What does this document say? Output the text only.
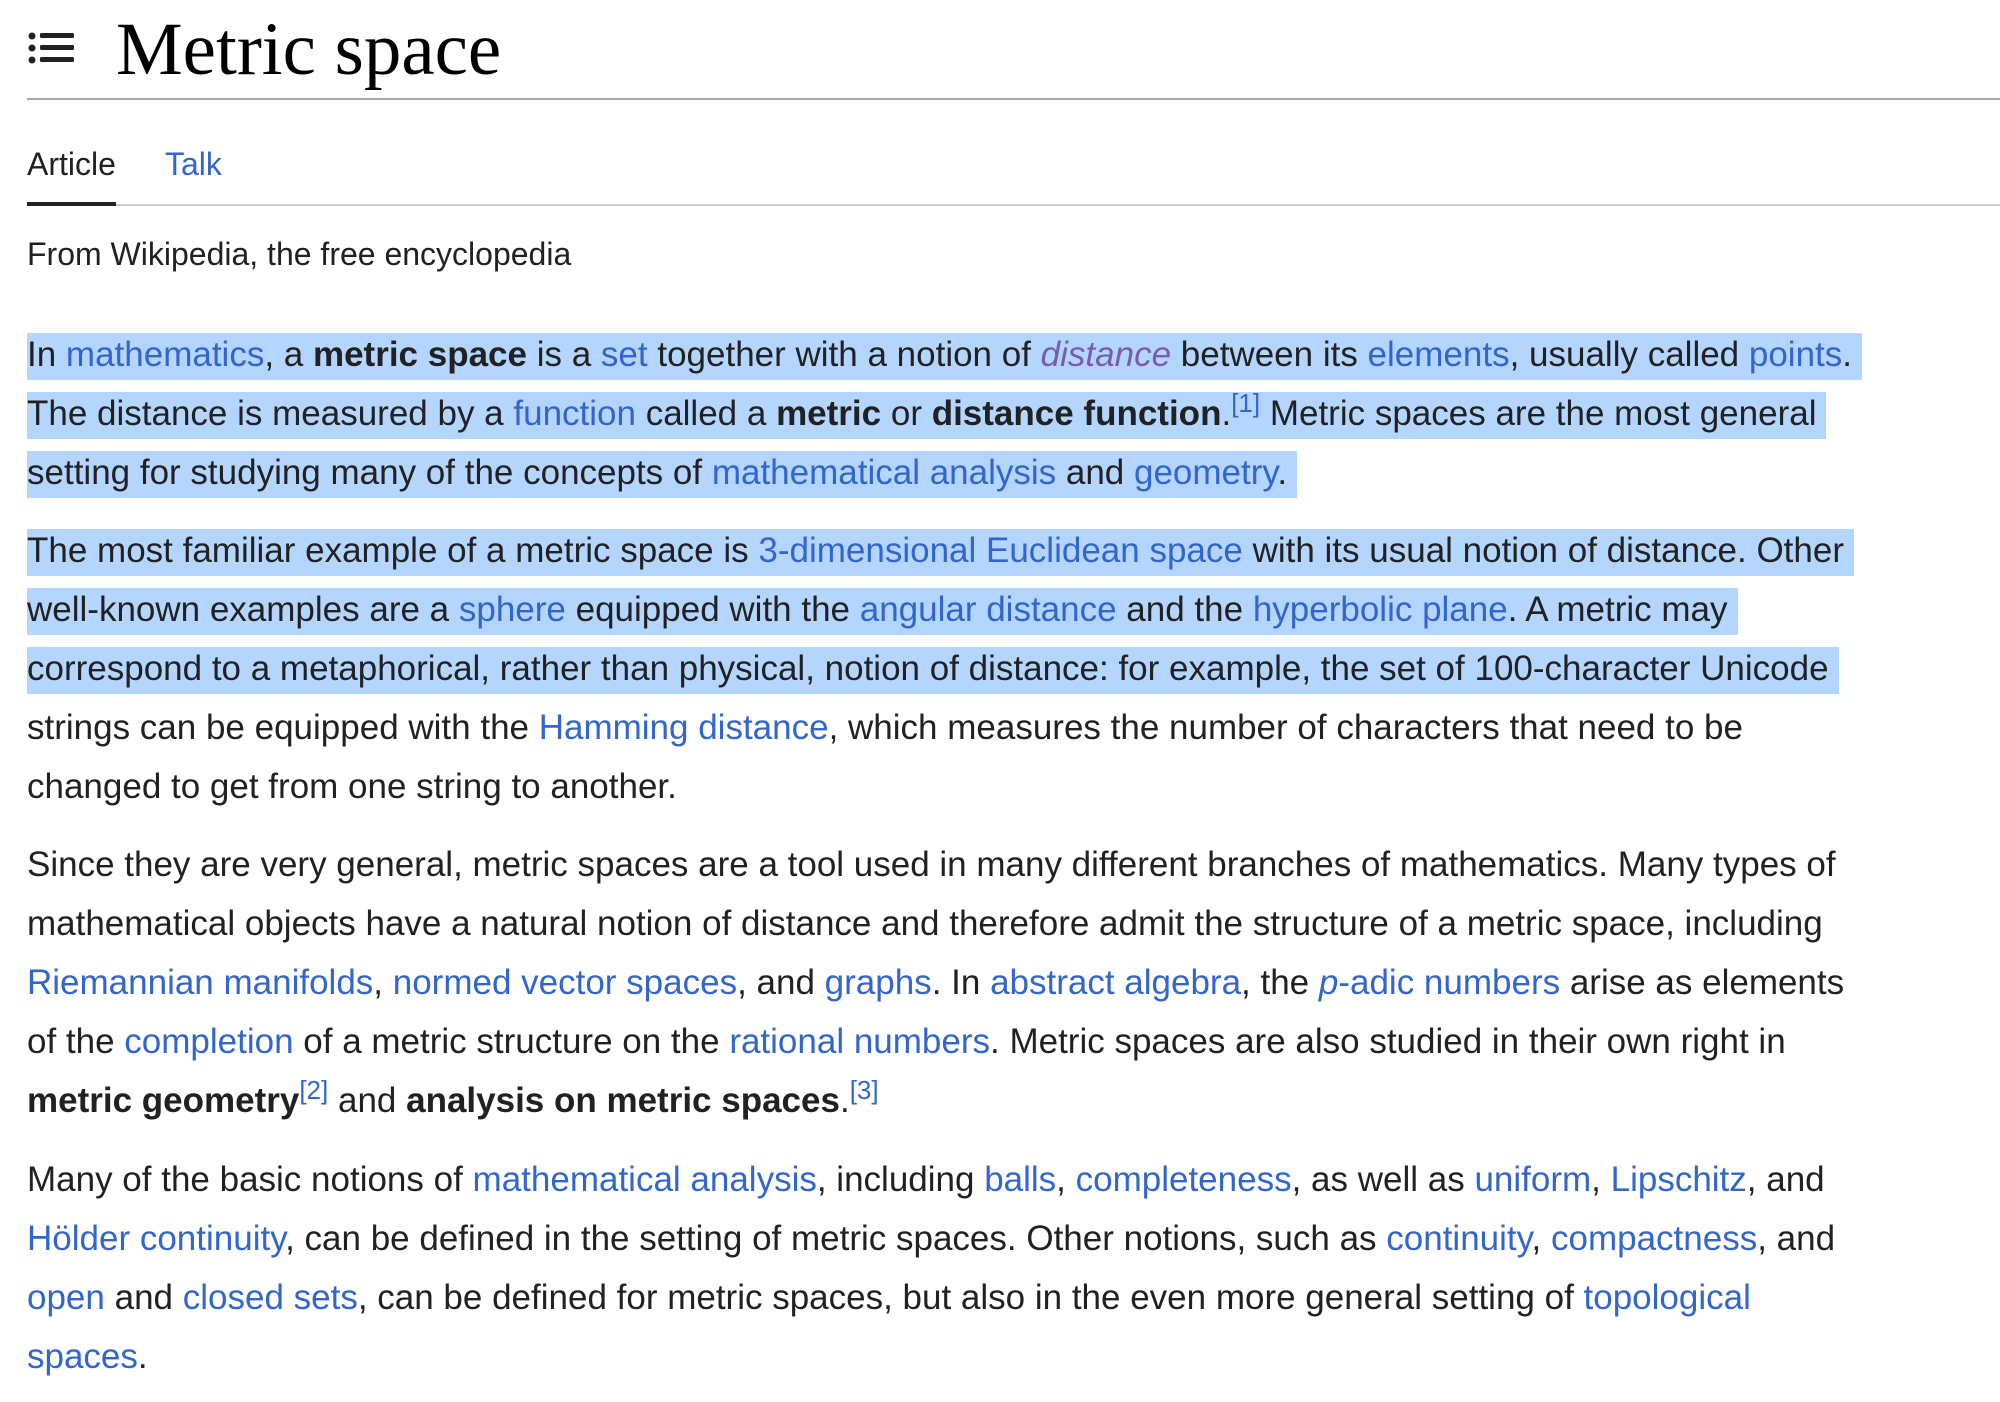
Metric space
Article Talk
From Wikipedia, the free encyclopedia

In mathematics, a metric space is a set together with a notion of distance between its elements, usually called points.
The distance is measured by a function called a metric or distance function.[1] Metric spaces are the most general
setting for studying many of the concepts of mathematical analysis and geometry.

The most familiar example of a metric space is 3-dimensional Euclidean space with its usual notion of distance. Other
well-known examples are a sphere equipped with the angular distance and the hyperbolic plane. A metric may
correspond to a metaphorical, rather than physical, notion of distance: for example, the set of 100-character Unicode
strings can be equipped with the Hamming distance, which measures the number of characters that need to be
changed to get from one string to another.

Since they are very general, metric spaces are a tool used in many different branches of mathematics. Many types of
mathematical objects have a natural notion of distance and therefore admit the structure of a metric space, including
Riemannian manifolds, normed vector spaces, and graphs. In abstract algebra, the p-adic numbers arise as elements
of the completion of a metric structure on the rational numbers. Metric spaces are also studied in their own right in
metric geometry[2] and analysis on metric spaces.[3]

Many of the basic notions of mathematical analysis, including balls, completeness, as well as uniform, Lipschitz, and
Hölder continuity, can be defined in the setting of metric spaces. Other notions, such as continuity, compactness, and
open and closed sets, can be defined for metric spaces, but also in the even more general setting of topological
spaces.
